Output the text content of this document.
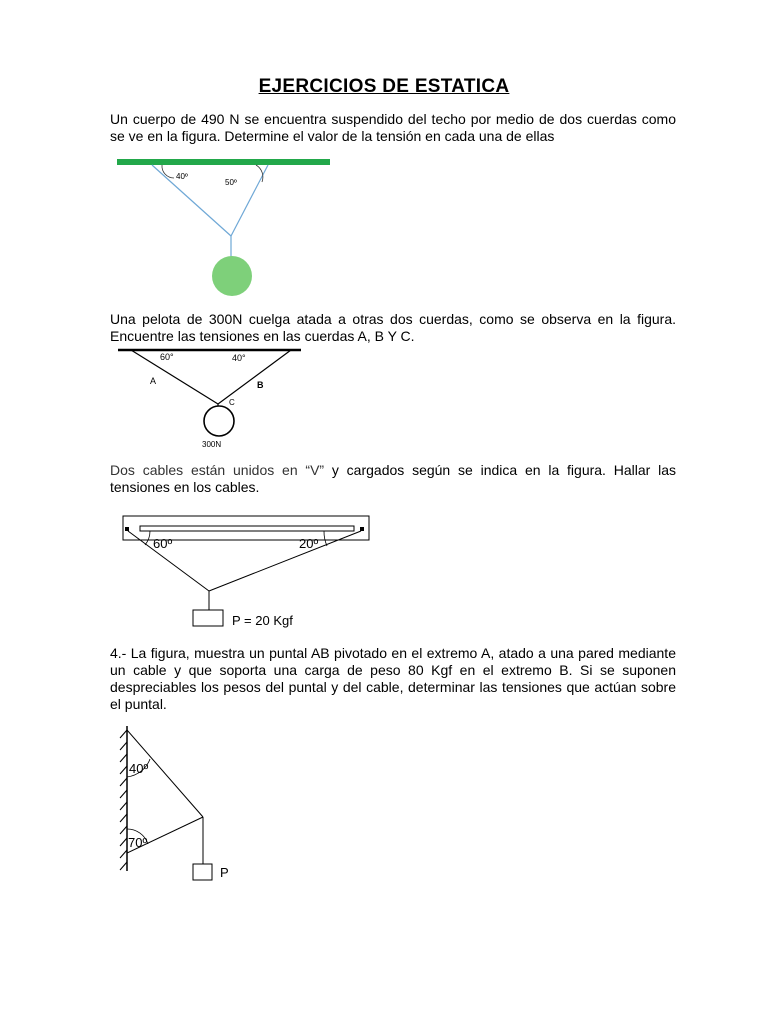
EJERCICIOS DE ESTATICA
Un cuerpo de 490 N se encuentra suspendido del techo por medio de dos cuerdas como se ve en la figura. Determine el valor de la tensión en cada una de ellas
40º
50º
Una pelota de 300N cuelga atada a otras dos cuerdas, como se observa en la figura. Encuentre las tensiones en las cuerdas A, B Y C.
60°	40°
A	B
C
300N
Dos cables están unidos en “V” y cargados según se indica en la figura. Hallar las tensiones en los cables.
60º	20º
P = 20 Kgf
4.- La figura, muestra un puntal AB pivotado en el extremo A, atado a una pared mediante un cable y que soporta una carga de peso 80 Kgf en el extremo B. Si se suponen despreciables los pesos del puntal y del cable, determinar las tensiones que actúan sobre el puntal.
40º
70º
P
